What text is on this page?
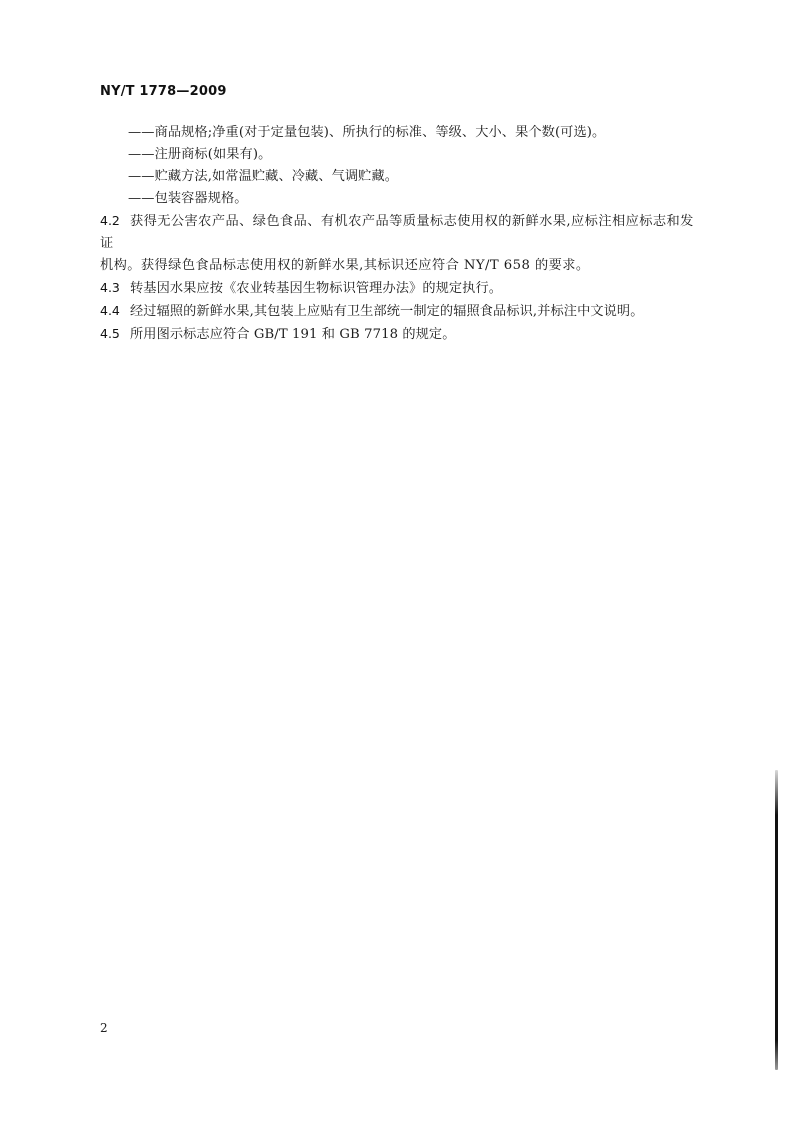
NY/T 1778—2009
——商品规格;净重(对于定量包装)、所执行的标准、等级、大小、果个数(可选)。
——注册商标(如果有)。
——贮藏方法,如常温贮藏、冷藏、气调贮藏。
——包装容器规格。
4.2 获得无公害农产品、绿色食品、有机农产品等质量标志使用权的新鲜水果,应标注相应标志和发证
机构。获得绿色食品标志使用权的新鲜水果,其标识还应符合 NY/T 658 的要求。
4.3 转基因水果应按《农业转基因生物标识管理办法》的规定执行。
4.4 经过辐照的新鲜水果,其包装上应贴有卫生部统一制定的辐照食品标识,并标注中文说明。
4.5 所用图示标志应符合 GB/T 191 和 GB 7718 的规定。
2
